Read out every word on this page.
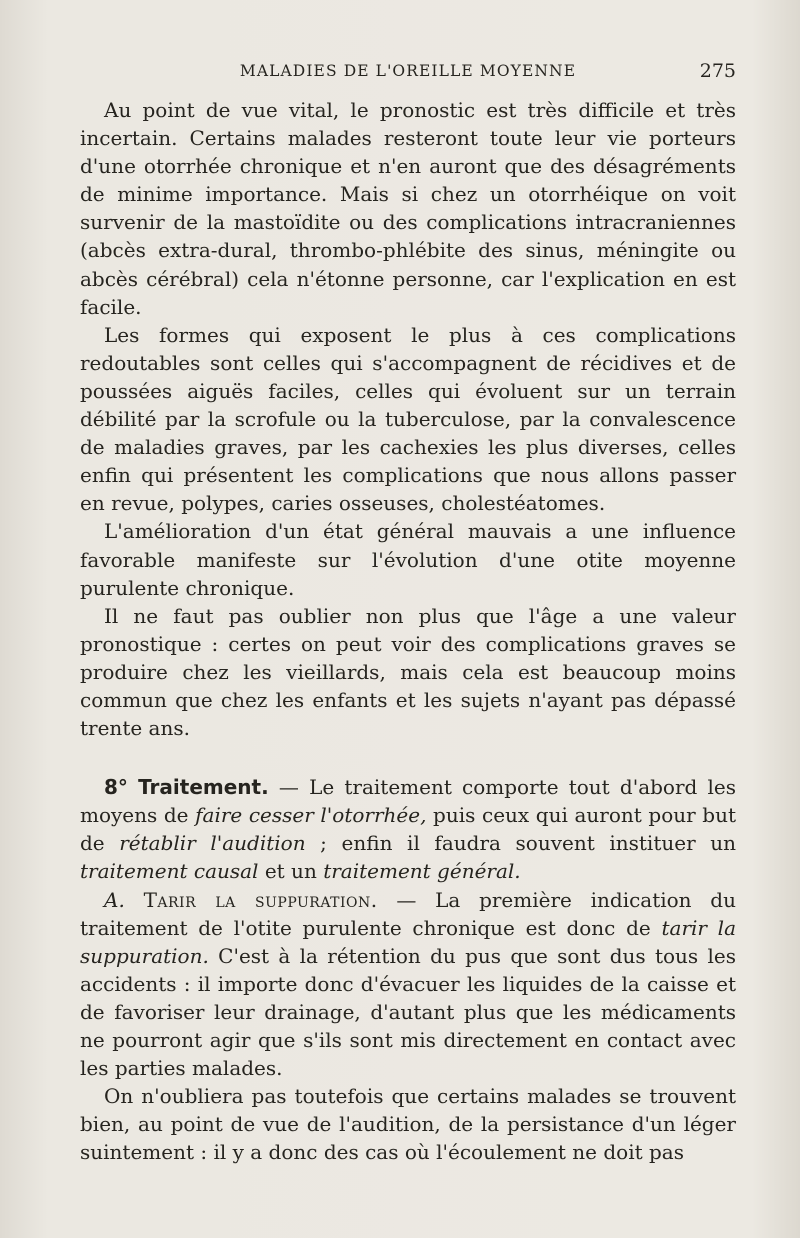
MALADIES DE L'OREILLE MOYENNE	275

Au point de vue vital, le pronostic est très difficile et très incertain. Certains malades resteront toute leur vie porteurs d'une otorrhée chronique et n'en auront que des désagréments de minime importance. Mais si chez un otorrhéique on voit survenir de la mastoïdite ou des complications intracraniennes (abcès extra-dural, thrombo-phlébite des sinus, méningite ou abcès cérébral) cela n'étonne personne, car l'explication en est facile.

Les formes qui exposent le plus à ces complications redoutables sont celles qui s'accompagnent de récidives et de poussées aiguës faciles, celles qui évoluent sur un terrain débilité par la scrofule ou la tuberculose, par la convalescence de maladies graves, par les cachexies les plus diverses, celles enfin qui présentent les complications que nous allons passer en revue, polypes, caries osseuses, cholestéatomes.

L'amélioration d'un état général mauvais a une influence favorable manifeste sur l'évolution d'une otite moyenne purulente chronique.

Il ne faut pas oublier non plus que l'âge a une valeur pronostique : certes on peut voir des complications graves se produire chez les vieillards, mais cela est beaucoup moins commun que chez les enfants et les sujets n'ayant pas dépassé trente ans.

8° Traitement. — Le traitement comporte tout d'abord les moyens de faire cesser l'otorrhée, puis ceux qui auront pour but de rétablir l'audition ; enfin il faudra souvent instituer un traitement causal et un traitement général.

A. Tarir la suppuration. — La première indication du traitement de l'otite purulente chronique est donc de tarir la suppuration. C'est à la rétention du pus que sont dus tous les accidents : il importe donc d'évacuer les liquides de la caisse et de favoriser leur drainage, d'autant plus que les médicaments ne pourront agir que s'ils sont mis directement en contact avec les parties malades.

On n'oubliera pas toutefois que certains malades se trouvent bien, au point de vue de l'audition, de la persistance d'un léger suintement : il y a donc des cas où l'écoulement ne doit pas
